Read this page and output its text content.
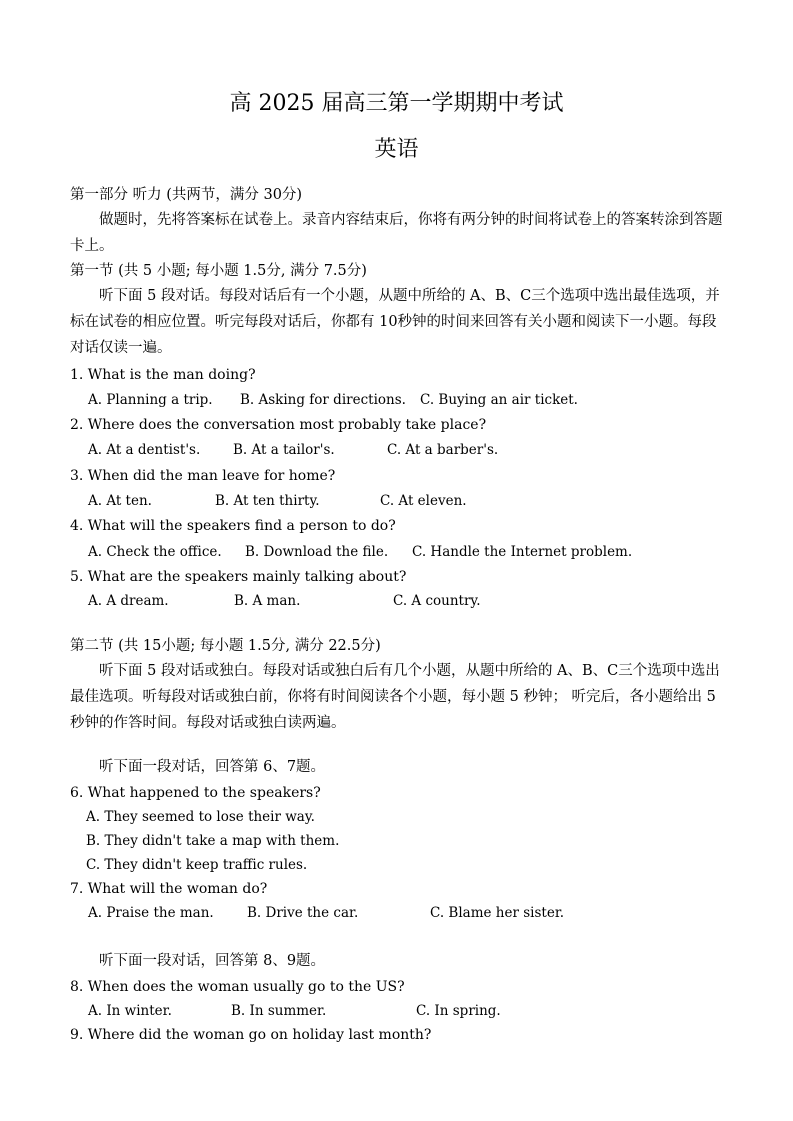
高 2025 届高三第一学期期中考试
英语
第一部分 听力 (共两节，满分 30分)
做题时，先将答案标在试卷上。录音内容结束后，你将有两分钟的时间将试卷上的答案转涂到答题卡上。
第一节 (共 5 小题; 每小题 1.5分, 满分 7.5分)
听下面 5 段对话。每段对话后有一个小题，从题中所给的 A、B、C三个选项中选出最佳选项，并标在试卷的相应位置。听完每段对话后，你都有 10秒钟的时间来回答有关小题和阅读下一小题。每段对话仅读一遍。
1. What is the man doing?
A. Planning a trip. B. Asking for directions. C. Buying an air ticket.
2. Where does the conversation most probably take place?
A. At a dentist's. B. At a tailor's.	C. At a barber's.
3. When did the man leave for home?
A. At ten.	B. At ten thirty.	C. At eleven.
4. What will the speakers find a person to do?
A. Check the office. B. Download the file. C. Handle the Internet problem.
5. What are the speakers mainly talking about?
A. A dream.	B. A man.	C. A country.
第二节 (共 15小题; 每小题 1.5分, 满分 22.5分)
听下面 5 段对话或独白。每段对话或独白后有几个小题，从题中所给的 A、B、C三个选项中选出最佳选项。听每段对话或独白前，你将有时间阅读各个小题，每小题 5 秒钟； 听完后，各小题给出 5 秒钟的作答时间。每段对话或独白读两遍。
听下面一段对话，回答第 6、7题。
6. What happened to the speakers?
A. They seemed to lose their way.
B. They didn't take a map with them.
C. They didn't keep traffic rules.
7. What will the woman do?
A. Praise the man. B. Drive the car.	C. Blame her sister.
听下面一段对话，回答第 8、9题。
8. When does the woman usually go to the US?
A. In winter.	B. In summer.	C. In spring.
9. Where did the woman go on holiday last month?
